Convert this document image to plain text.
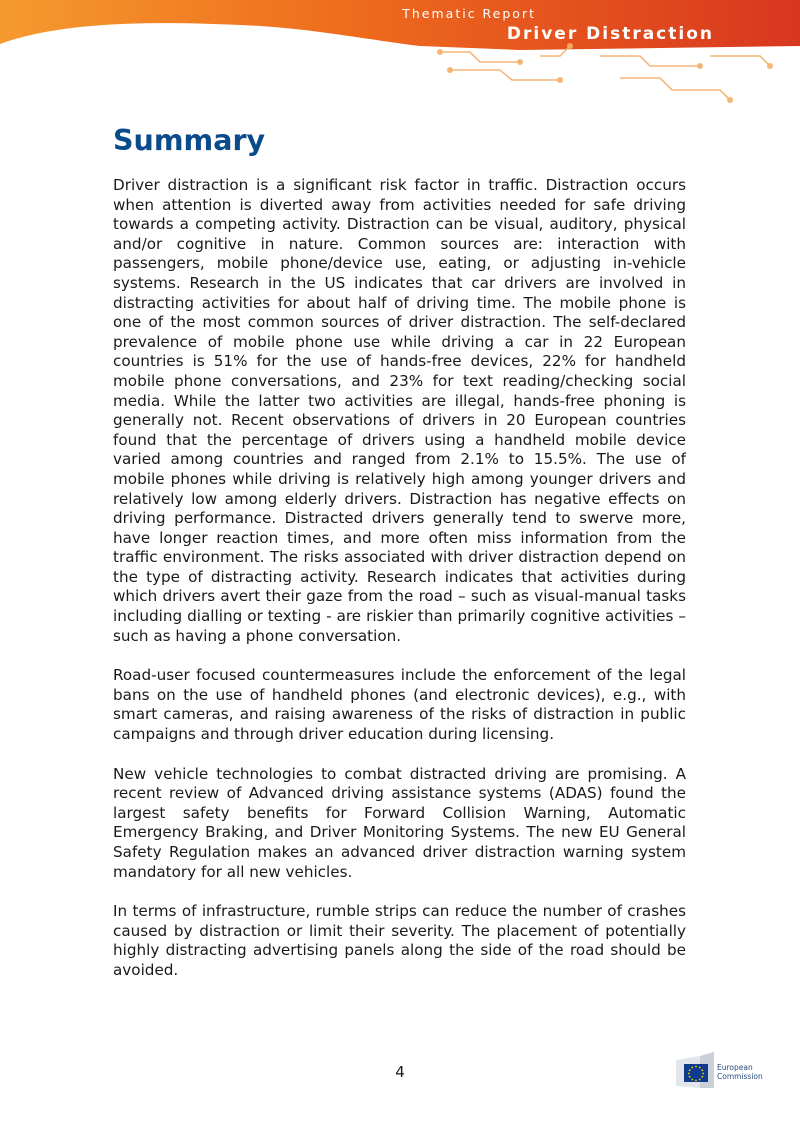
Thematic Report
Driver Distraction
Summary

Driver distraction is a significant risk factor in traffic. Distraction occurs when attention is diverted away from activities needed for safe driving towards a competing activity. Distraction can be visual, auditory, physical and/or cognitive in nature. Common sources are: interaction with passengers, mobile phone/device use, eating, or adjusting in-vehicle systems. Research in the US indicates that car drivers are involved in distracting activities for about half of driving time. The mobile phone is one of the most common sources of driver distraction. The self-declared prevalence of mobile phone use while driving a car in 22 European countries is 51% for the use of hands-free devices, 22% for handheld mobile phone conversations, and 23% for text reading/checking social media. While the latter two activities are illegal, hands-free phoning is generally not. Recent observations of drivers in 20 European countries found that the percentage of drivers using a handheld mobile device varied among countries and ranged from 2.1% to 15.5%. The use of mobile phones while driving is relatively high among younger drivers and relatively low among elderly drivers. Distraction has negative effects on driving performance. Distracted drivers generally tend to swerve more, have longer reaction times, and more often miss information from the traffic environment. The risks associated with driver distraction depend on the type of distracting activity. Research indicates that activities during which drivers avert their gaze from the road – such as visual-manual tasks including dialling or texting - are riskier than primarily cognitive activities – such as having a phone conversation.

Road-user focused countermeasures include the enforcement of the legal bans on the use of handheld phones (and electronic devices), e.g., with smart cameras, and raising awareness of the risks of distraction in public campaigns and through driver education during licensing.

New vehicle technologies to combat distracted driving are promising. A recent review of Advanced driving assistance systems (ADAS) found the largest safety benefits for Forward Collision Warning, Automatic Emergency Braking, and Driver Monitoring Systems. The new EU General Safety Regulation makes an advanced driver distraction warning system mandatory for all new vehicles.

In terms of infrastructure, rumble strips can reduce the number of crashes caused by distraction or limit their severity. The placement of potentially highly distracting advertising panels along the side of the road should be avoided.

4	European
Commission
